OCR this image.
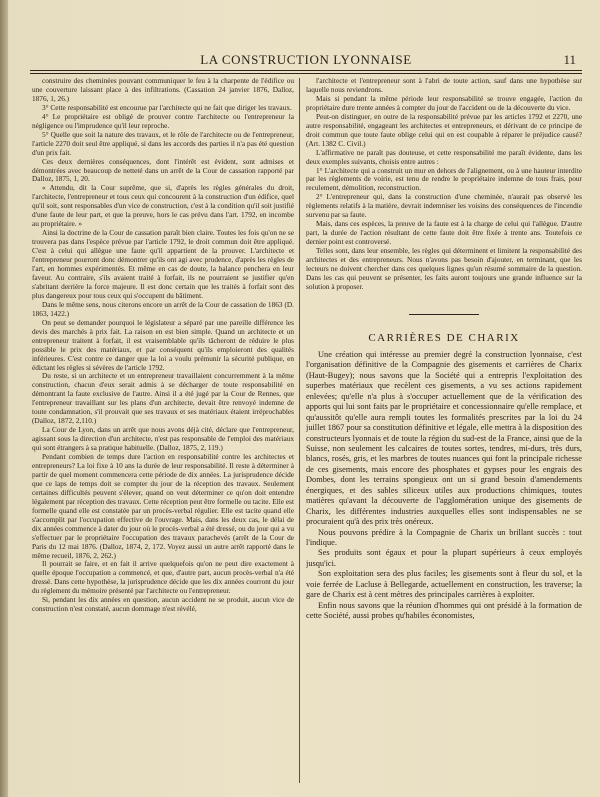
LA CONSTRUCTION LYONNAISE	11

construire des cheminées pouvant communiquer le feu à la charpente de l'édifice ou une couverture laissant place à des infiltrations. (Cassation 24 janvier 1876, Dalloz, 1876, 1, 26.)

3° Cette responsabilité est encourue par l'architecte qui ne fait que diriger les travaux.

4° Le propriétaire est obligé de prouver contre l'architecte ou l'entrepreneur la négligence ou l'imprudence qu'il leur reproche.

5° Quelle que soit la nature des travaux, et le rôle de l'architecte ou de l'entrepreneur, l'article 2270 doit seul être appliqué, si dans les accords des parties il n'a pas été question d'un prix fait.

Ces deux dernières conséquences, dont l'intérêt est évident, sont admises et démontrées avec beaucoup de netteté dans un arrêt de la Cour de cassation rapporté par Dalloz, 1875, 1, 20.

« Attendu, dit la Cour suprême, que si, d'après les règles générales du droit, l'architecte, l'entrepreneur et tous ceux qui concourent à la construction d'un édifice, quel qu'il soit, sont responsables d'un vice de construction, c'est à la condition qu'il soit justifié d'une faute de leur part, et que la preuve, hors le cas prévu dans l'art. 1792, en incombe au propriétaire. »

Ainsi la doctrine de la Cour de cassation paraît bien claire. Toutes les fois qu'on ne se trouvera pas dans l'espèce prévue par l'article 1792, le droit commun doit être appliqué. C'est à celui qui allègue une faute qu'il appartient de la prouver. L'architecte et l'entrepreneur pourront donc démontrer qu'ils ont agi avec prudence, d'après les règles de l'art, en hommes expérimentés. Et même en cas de doute, la balance penchera en leur faveur. Au contraire, s'ils avaient traité à forfait, ils ne pourraient se justifier qu'en s'abritant derrière la force majeure. Il est donc certain que les traités à forfait sont des plus dangereux pour tous ceux qui s'occupent du bâtiment.

Dans le même sens, nous citerons encore un arrêt de la Cour de cassation de 1863 (D. 1863, 1422.)

On peut se demander pourquoi le législateur a séparé par une pareille différence les devis des marchés à prix fait. La raison en est bien simple. Quand un architecte et un entrepreneur traitent à forfait, il est vraisemblable qu'ils tâcheront de réduire le plus possible le prix des matériaux, et par conséquent qu'ils emploieront des qualités inférieures. C'est contre ce danger que la loi a voulu prémunir la sécurité publique, en édictant les règles si sévères de l'article 1792.

Du reste, si un architecte et un entrepreneur travaillaient concurremment à la même construction, chacun d'eux serait admis à se décharger de toute responsabilité en démontrant la faute exclusive de l'autre. Ainsi il a été jugé par la Cour de Rennes, que l'entrepreneur travaillant sur les plans d'un architecte, devait être renvoyé indemne de toute condamnation, s'il prouvait que ses travaux et ses matériaux étaient irréprochables (Dalloz, 1872, 2,110.)

La Cour de Lyon, dans un arrêt que nous avons déjà cité, déclare que l'entrepreneur, agissant sous la direction d'un architecte, n'est pas responsable de l'emploi des matériaux qui sont étrangers à sa pratique habituelle. (Dalloz, 1875, 2, 119.)

Pendant combien de temps dure l'action en responsabilité contre les architectes et entrepreneurs? La loi fixe à 10 ans la durée de leur responsabilité. Il reste à déterminer à partir de quel moment commencera cette période de dix années. La jurisprudence décide que ce laps de temps doit se compter du jour de la réception des travaux. Seulement certaines difficultés peuvent s'élever, quand on veut déterminer ce qu'on doit entendre légalement par réception des travaux. Cette réception peut être formelle ou tacite. Elle est formelle quand elle est constatée par un procès-verbal régulier. Elle est tacite quand elle s'accomplit par l'occupation effective de l'ouvrage. Mais, dans les deux cas, le délai de dix années commence à dater du jour où le procès-verbal a été dressé, ou du jour qui a vu s'effectuer par le propriétaire l'occupation des travaux parachevés (arrêt de la Cour de Paris du 12 mai 1876. (Dalloz, 1874, 2, 172. Voyez aussi un autre arrêt rapporté dans le même recueil, 1876, 2, 262.)

Il pourrait se faire, et en fait il arrive quelquefois qu'on ne peut dire exactement à quelle époque l'occupation a commencé, et que, d'autre part, aucun procès-verbal n'a été dressé. Dans cette hypothèse, la jurisprudence décide que les dix années courront du jour du règlement du mémoire présenté par l'architecte ou l'entrepreneur.

Si, pendant les dix années en question, aucun accident ne se produit, aucun vice de construction n'est constaté, aucun dommage n'est révélé,

l'architecte et l'entrepreneur sont à l'abri de toute action, sauf dans une hypothèse sur laquelle nous reviendrons.

Mais si pendant la même période leur responsabilité se trouve engagée, l'action du propriétaire dure trente années à compter du jour de l'accident ou de la découverte du vice.

Peut-on distinguer, en outre de la responsabilité prévue par les articles 1792 et 2270, une autre responsabilité, engageant les architectes et entrepreneurs, et dérivant de ce principe de droit commun que toute faute oblige celui qui en est coupable à réparer le préjudice causé? (Art. 1382 C. Civil.)

L'affirmative ne paraît pas douteuse, et cette responsabilité me paraît évidente, dans les deux exemples suivants, choisis entre autres :

1° L'architecte qui a construit un mur en dehors de l'alignement, ou à une hauteur interdite par les règlements de voirie, est tenu de rendre le propriétaire indemne de tous frais, pour reculement, démolition, reconstruction.

2° L'entrepreneur qui, dans la construction d'une cheminée, n'aurait pas observé les règlements relatifs à la matière, devrait indemniser les voisins des conséquences de l'incendie survenu par sa faute.

Mais, dans ces espèces, la preuve de la faute est à la charge de celui qui l'allègue. D'autre part, la durée de l'action résultant de cette faute doit être fixée à trente ans. Toutefois ce dernier point est controversé.

Telles sont, dans leur ensemble, les règles qui déterminent et limitent la responsabilité des architectes et des entrepreneurs. Nous n'avons pas besoin d'ajouter, en terminant, que les lecteurs ne doivent chercher dans ces quelques lignes qu'un résumé sommaire de la question. Dans les cas qui peuvent se présenter, les faits auront toujours une grande influence sur la solution à proposer.

CARRIÈRES DE CHARIX

Une création qui intéresse au premier degré la construction lyonnaise, c'est l'organisation définitive de la Compagnie des gisements et carrières de Charix (Haut-Bugey); nous savons que la Société qui a entrepris l'exploitation des superbes matériaux que recèlent ces gisements, a vu ses actions rapidement enlevées; qu'elle n'a plus à s'occuper actuellement que de la vérification des apports qui lui sont faits par le propriétaire et concessionnaire qu'elle remplace, et qu'aussitôt qu'elle aura rempli toutes les formalités prescrites par la loi du 24 juillet 1867 pour sa constitution définitive et légale, elle mettra à la disposition des constructeurs lyonnais et de toute la région du sud-est de la France, ainsi que de la Suisse, non seulement les calcaires de toutes sortes, tendres, mi-durs, très durs, blancs, rosés, gris, et les marbres de toutes nuances qui font la principale richesse de ces gisements, mais encore des phosphates et gypses pour les engrais des Dombes, dont les terrains spongieux ont un si grand besoin d'amendements énergiques, et des sables siliceux utiles aux productions chimiques, toutes matières qu'avant la découverte de l'agglomération unique des gisements de Charix, les différentes industries auxquelles elles sont indispensables ne se procuraient qu'à des prix très onéreux.

Nous pouvons prédire à la Compagnie de Charix un brillant succès : tout l'indique.

Ses produits sont égaux et pour la plupart supérieurs à ceux employés jusqu'ici.

Son exploitation sera des plus faciles; les gisements sont à fleur du sol, et la voie ferrée de Lacluse à Bellegarde, actuellement en construction, les traverse; la gare de Charix est à cent mètres des principales carrières à exploiter.

Enfin nous savons que la réunion d'hommes qui ont présidé à la formation de cette Société, aussi probes qu'habiles économistes,
